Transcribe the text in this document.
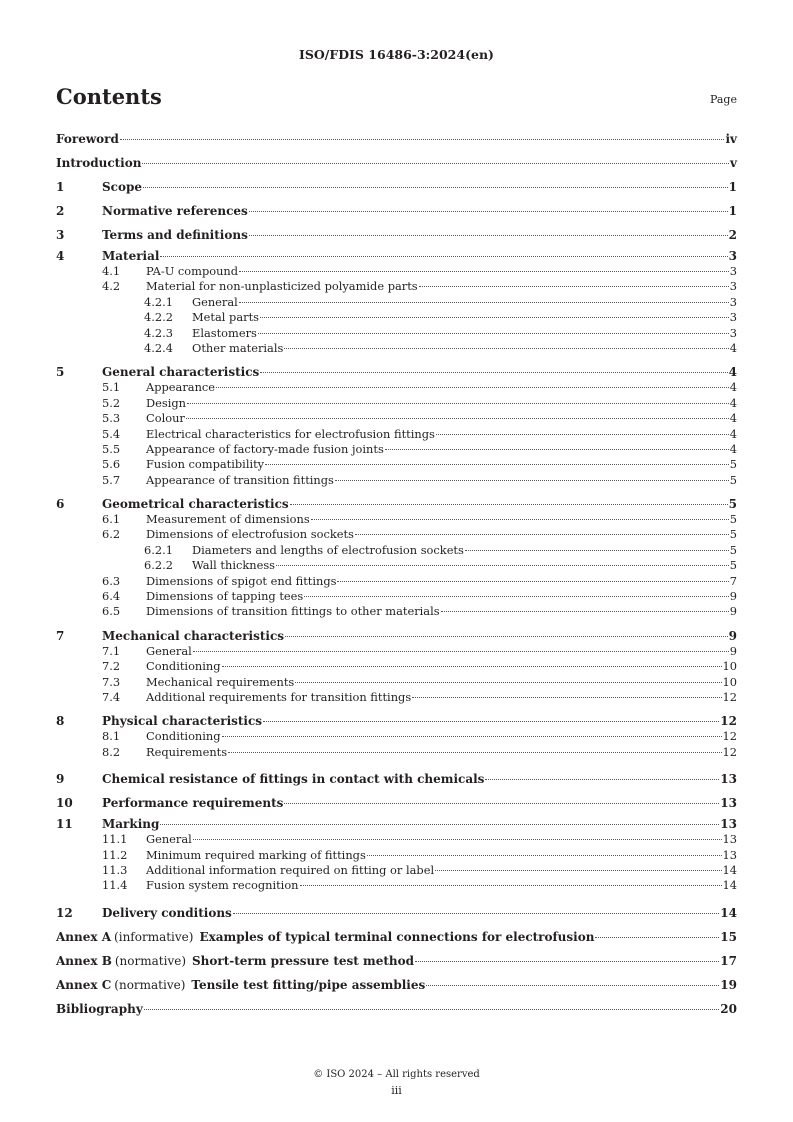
ISO/FDIS 16486-3:2024(en)
Contents	Page
Foreword	iv
Introduction	v
1	Scope	1
2	Normative references	1
3	Terms and definitions	2
4	Material	3
4.1	PA-U compound	3
4.2	Material for non-unplasticized polyamide parts	3
4.2.1	General	3
4.2.2	Metal parts	3
4.2.3	Elastomers	3
4.2.4	Other materials	4
5	General characteristics	4
5.1	Appearance	4
5.2	Design	4
5.3	Colour	4
5.4	Electrical characteristics for electrofusion fittings	4
5.5	Appearance of factory-made fusion joints	4
5.6	Fusion compatibility	5
5.7	Appearance of transition fittings	5
6	Geometrical characteristics	5
6.1	Measurement of dimensions	5
6.2	Dimensions of electrofusion sockets	5
6.2.1	Diameters and lengths of electrofusion sockets	5
6.2.2	Wall thickness	5
6.3	Dimensions of spigot end fittings	7
6.4	Dimensions of tapping tees	9
6.5	Dimensions of transition fittings to other materials	9
7	Mechanical characteristics	9
7.1	General	9
7.2	Conditioning	10
7.3	Mechanical requirements	10
7.4	Additional requirements for transition fittings	12
8	Physical characteristics	12
8.1	Conditioning	12
8.2	Requirements	12
9	Chemical resistance of fittings in contact with chemicals	13
10	Performance requirements	13
11	Marking	13
11.1	General	13
11.2	Minimum required marking of fittings	13
11.3	Additional information required on fitting or label	14
11.4	Fusion system recognition	14
12	Delivery conditions	14
Annex A (informative) Examples of typical terminal connections for electrofusion	15
Annex B (normative) Short-term pressure test method	17
Annex C (normative) Tensile test fitting/pipe assemblies	19
Bibliography	20
© ISO 2024 – All rights reserved
iii
